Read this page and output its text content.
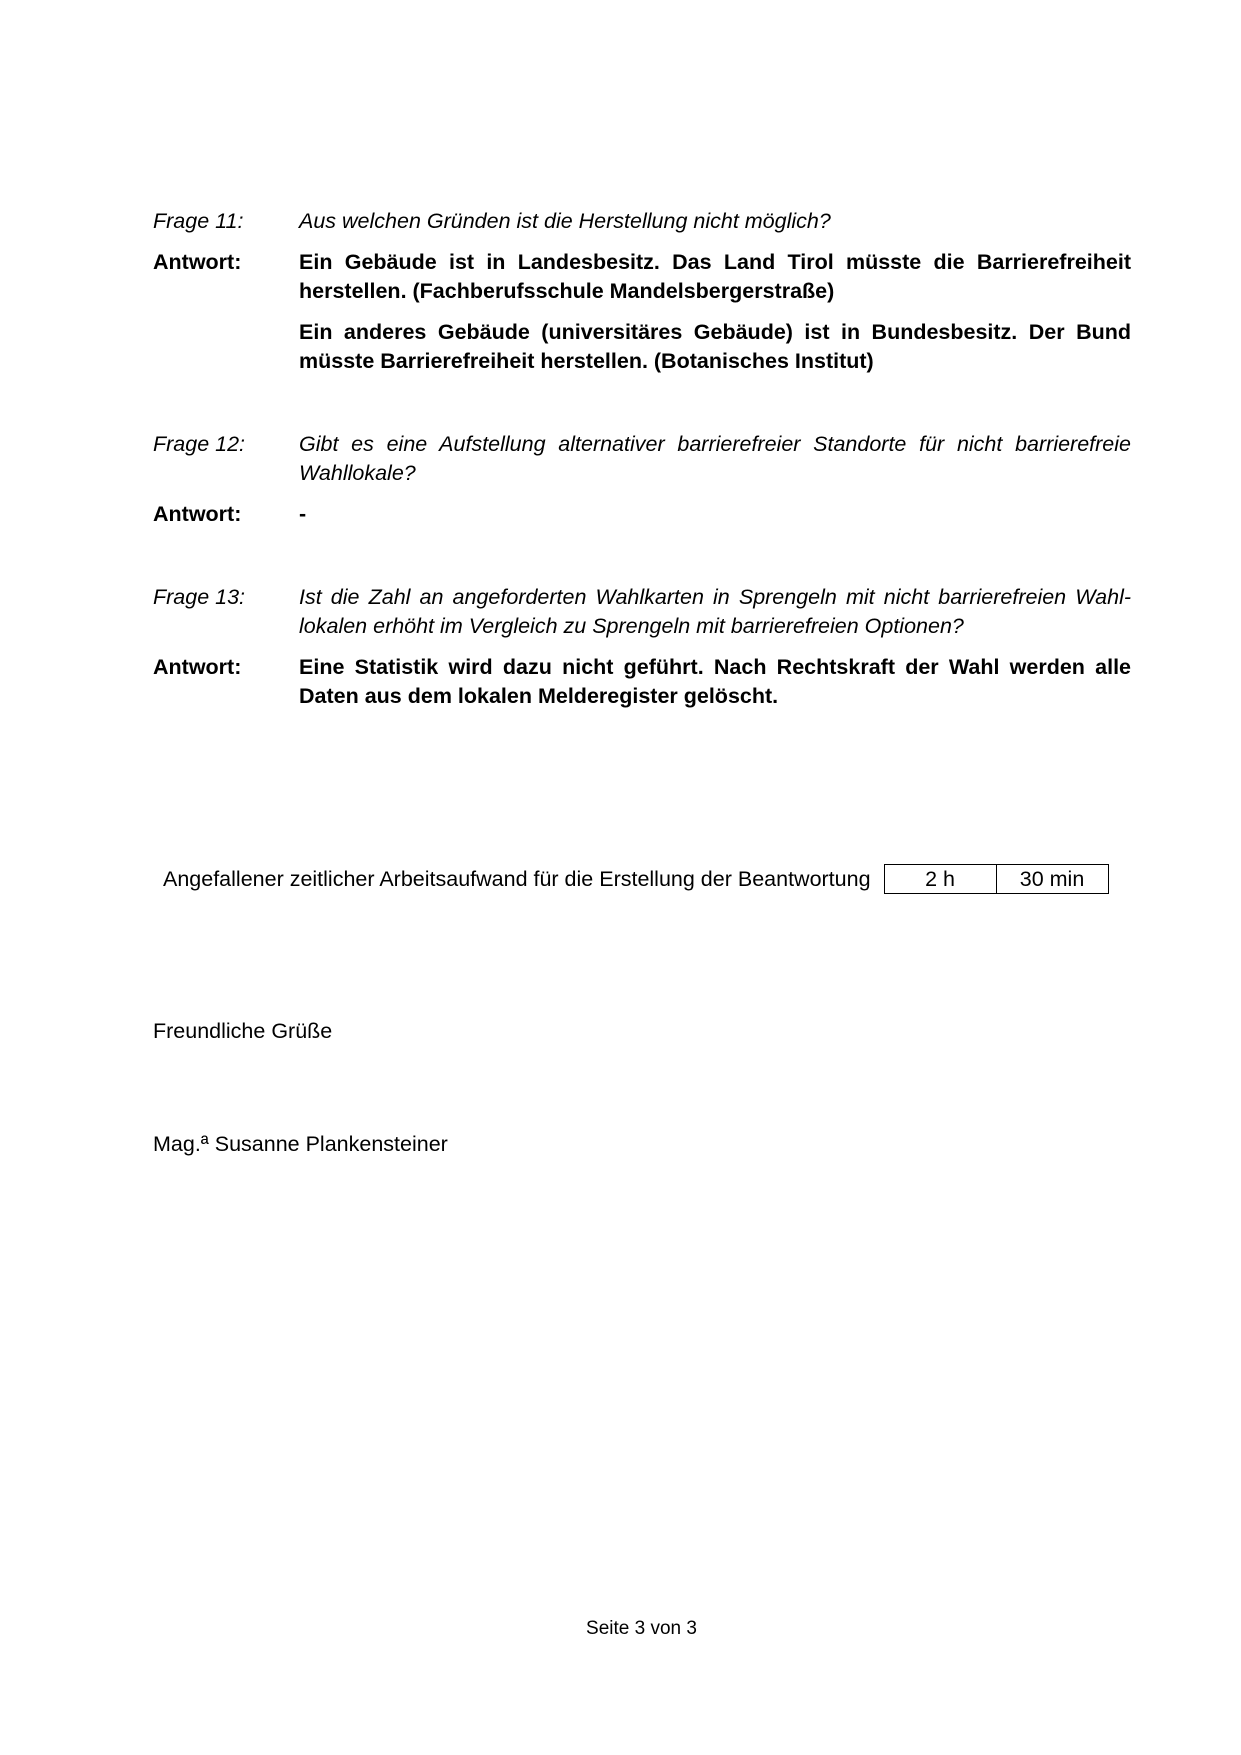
Frage 11:	Aus welchen Gründen ist die Herstellung nicht möglich?
Antwort:	Ein Gebäude ist in Landesbesitz. Das Land Tirol müsste die Barrierefreiheit herstellen. (Fachberufsschule Mandelsbergerstraße)
Ein anderes Gebäude (universitäres Gebäude) ist in Bundesbesitz. Der Bund müsste Barrierefreiheit herstellen. (Botanisches Institut)
Frage 12:	Gibt es eine Aufstellung alternativer barrierefreier Standorte für nicht barrierefreie Wahllokale?
Antwort:	-
Frage 13:	Ist die Zahl an angeforderten Wahlkarten in Sprengeln mit nicht barrierefreien Wahl-lokalen erhöht im Vergleich zu Sprengeln mit barrierefreien Optionen?
Antwort:	Eine Statistik wird dazu nicht geführt. Nach Rechtskraft der Wahl werden alle Daten aus dem lokalen Melderegister gelöscht.
Angefallener zeitlicher Arbeitsaufwand für die Erstellung der Beantwortung	2 h	30 min
Freundliche Grüße
Mag.ª Susanne Plankensteiner
Seite 3 von 3
